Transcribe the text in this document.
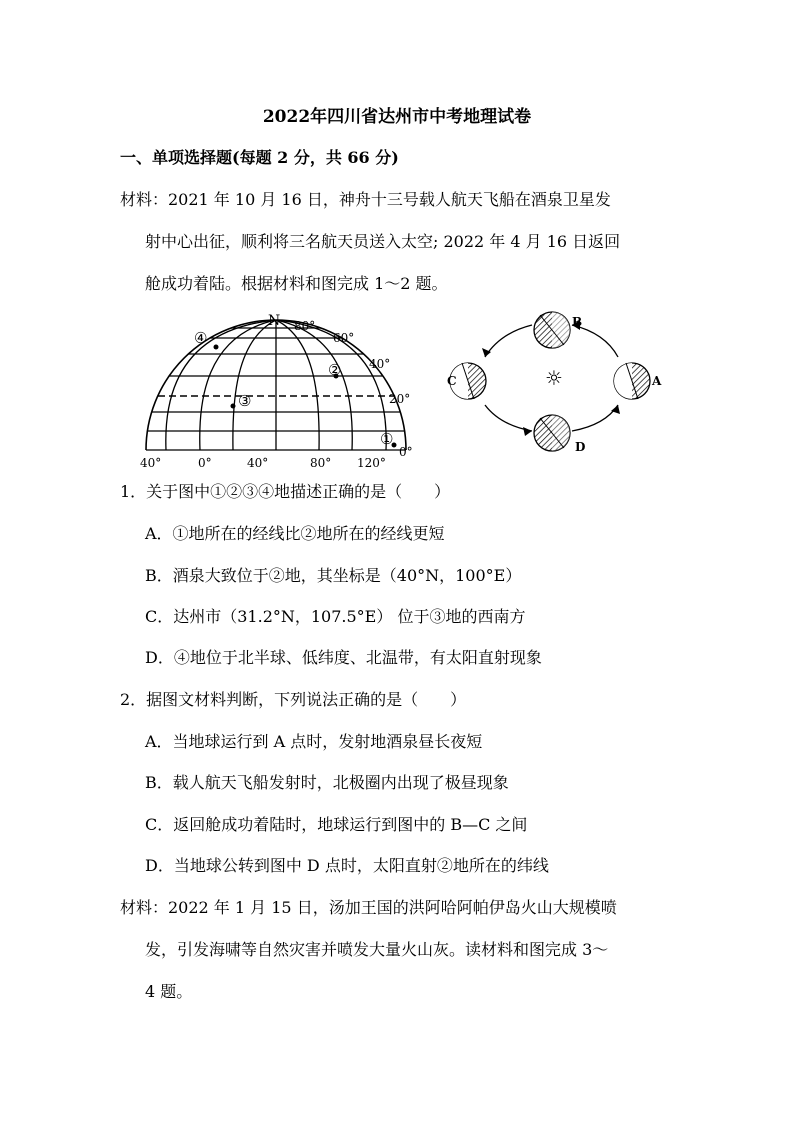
2022年四川省达州市中考地理试卷
一、单项选择题(每题 2 分，共 66 分)
材料：2021 年 10 月 16 日，神舟十三号载人航天飞船在酒泉卫星发
射中心出征，顺利将三名航天员送入太空; 2022 年 4 月 16 日返回
舱成功着陆。根据材料和图完成 1～2 题。
N 80°
60°
40°
20°
0°
40°	0°	40°	80° 120°
④
②
③
①
B
C	A
D
☼
1．关于图中①②③④地描述正确的是（　　）
A．①地所在的经线比②地所在的经线更短
B．酒泉大致位于②地，其坐标是（40°N，100°E）
C．达州市（31.2°N，107.5°E） 位于③地的西南方
D．④地位于北半球、低纬度、北温带，有太阳直射现象
2．据图文材料判断，下列说法正确的是（　　）
A．当地球运行到 A 点时，发射地酒泉昼长夜短
B．载人航天飞船发射时，北极圈内出现了极昼现象
C．返回舱成功着陆时，地球运行到图中的 B—C 之间
D．当地球公转到图中 D 点时，太阳直射②地所在的纬线
材料：2022 年 1 月 15 日，汤加王国的洪阿哈阿帕伊岛火山大规模喷
发，引发海啸等自然灾害并喷发大量火山灰。读材料和图完成 3～
4 题。
